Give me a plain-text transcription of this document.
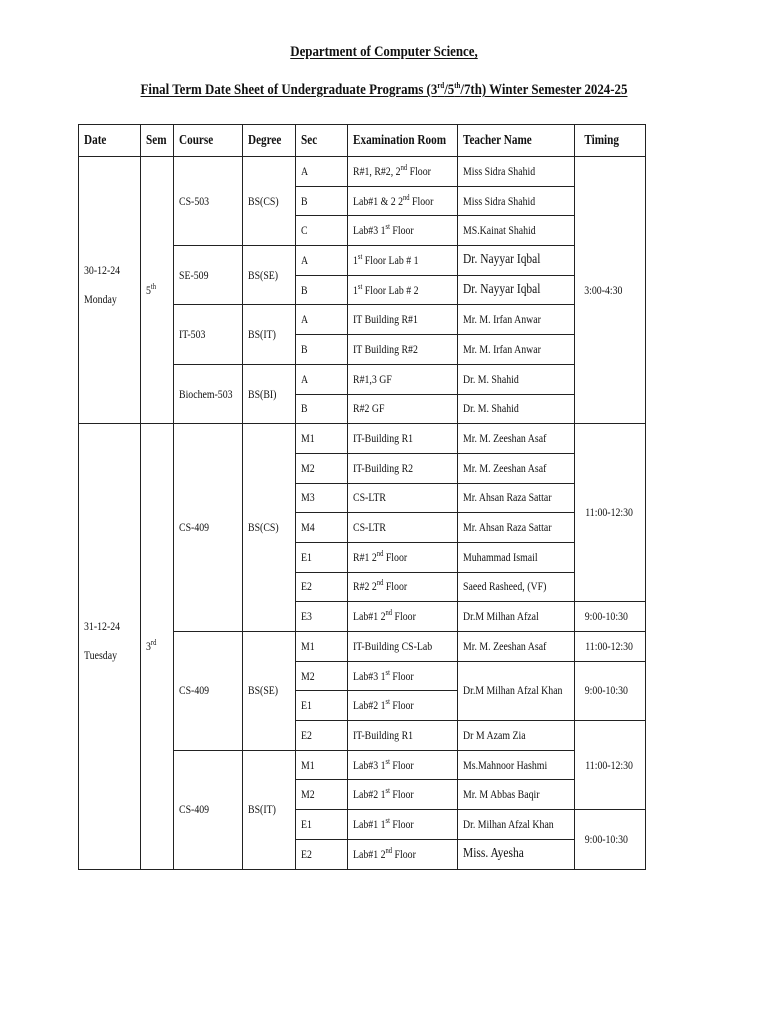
Department of Computer Science,
Final Term Date Sheet of Undergraduate Programs (3rd/5th/7th) Winter Semester 2024-25
Date	Sem	Course	Degree	Sec	Examination Room	Teacher Name	Timing

30-12-24
Monday	5th	CS-503	BS(CS)	A	R#1, R#2, 2nd Floor	Miss Sidra Shahid	3:00-4:30
				B	Lab#1 & 2 2nd Floor	Miss Sidra Shahid	
				C	Lab#3 1st Floor	MS.Kainat Shahid	
		SE-509	BS(SE)	A	1st Floor Lab # 1	Dr. Nayyar Iqbal	
				B	1st Floor Lab # 2	Dr. Nayyar Iqbal	
		IT-503	BS(IT)	A	IT Building R#1	Mr. M. Irfan Anwar	
				B	IT Building R#2	Mr. M. Irfan Anwar	
		Biochem-503	BS(BI)	A	R#1,3 GF	Dr. M. Shahid	
				B	R#2 GF	Dr. M. Shahid	

31-12-24
Tuesday	3rd	CS-409	BS(CS)	M1	IT-Building R1	Mr. M. Zeeshan Asaf	11:00-12:30
				M2	IT-Building R2	Mr. M. Zeeshan Asaf	
				M3	CS-LTR	Mr. Ahsan Raza Sattar	
				M4	CS-LTR	Mr. Ahsan Raza Sattar	
				E1	R#1 2nd Floor	Muhammad Ismail	
				E2	R#2 2nd Floor	Saeed Rasheed, (VF)	
				E3	Lab#1 2nd Floor	Dr.M Milhan Afzal	9:00-10:30
		CS-409	BS(SE)	M1	IT-Building CS-Lab	Mr. M. Zeeshan Asaf	11:00-12:30
				M2	Lab#3 1st Floor	Dr.M Milhan Afzal Khan	9:00-10:30
				E1	Lab#2 1st Floor		
				E2	IT-Building R1	Dr M Azam Zia	11:00-12:30
		CS-409	BS(IT)	M1	Lab#3 1st Floor	Ms.Mahnoor Hashmi	
				M2	Lab#2 1st Floor	Mr. M Abbas Baqir	
				E1	Lab#1 1st Floor	Dr. Milhan Afzal Khan	9:00-10:30
				E2	Lab#1 2nd Floor	Miss. Ayesha	
